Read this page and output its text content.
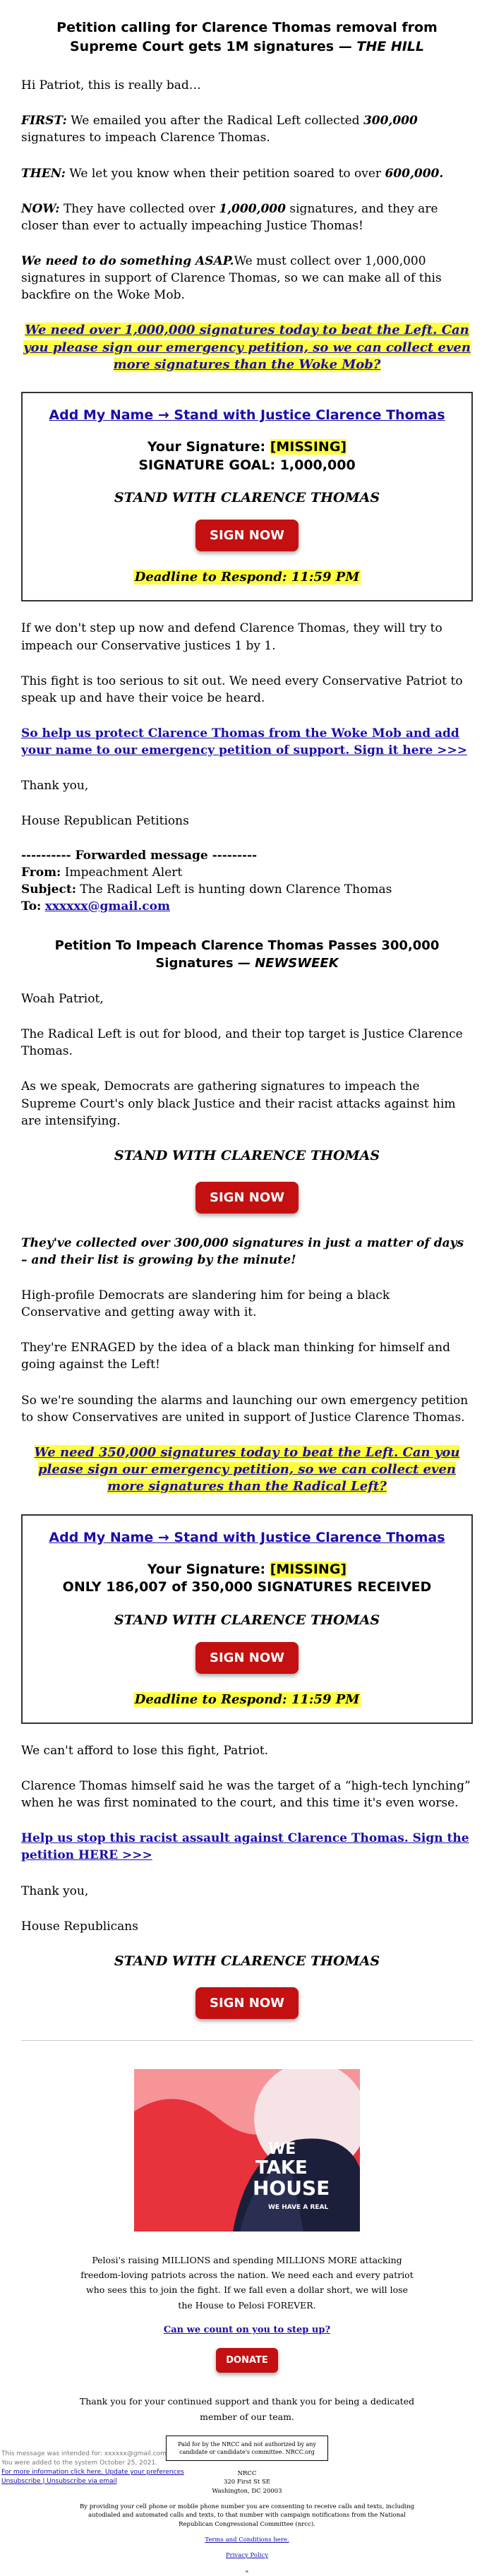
Petition calling for Clarence Thomas removal from Supreme Court gets 1M signatures — THE HILL

Hi Patriot, this is really bad…

FIRST: We emailed you after the Radical Left collected 300,000 signatures to impeach Clarence Thomas.

THEN: We let you know when their petition soared to over 600,000.

NOW: They have collected over 1,000,000 signatures, and they are closer than ever to actually impeaching Justice Thomas!

We need to do something ASAP.We must collect over 1,000,000 signatures in support of Clarence Thomas, so we can make all of this backfire on the Woke Mob.

We need over 1,000,000 signatures today to beat the Left. Can you please sign our emergency petition, so we can collect even more signatures than the Woke Mob?
Add My Name → Stand with Justice Clarence Thomas
Your Signature: [MISSING]
SIGNATURE GOAL: 1,000,000
STAND WITH CLARENCE THOMAS
SIGN NOW
Deadline to Respond: 11:59 PM

If we don't step up now and defend Clarence Thomas, they will try to impeach our Conservative justices 1 by 1.

This fight is too serious to sit out. We need every Conservative Patriot to speak up and have their voice be heard.

So help us protect Clarence Thomas from the Woke Mob and add your name to our emergency petition of support. Sign it here >>>

Thank you,

House Republican Petitions

---------- Forwarded message ---------
From: Impeachment Alert
Subject: The Radical Left is hunting down Clarence Thomas
To: xxxxxx@gmail.com
Petition To Impeach Clarence Thomas Passes 300,000 Signatures — NEWSWEEK

Woah Patriot,

The Radical Left is out for blood, and their top target is Justice Clarence Thomas.

As we speak, Democrats are gathering signatures to impeach the Supreme Court's only black Justice and their racist attacks against him are intensifying.

STAND WITH CLARENCE THOMAS
SIGN NOW

They've collected over 300,000 signatures in just a matter of days – and their list is growing by the minute!

High-profile Democrats are slandering him for being a black Conservative and getting away with it.

They're ENRAGED by the idea of a black man thinking for himself and going against the Left!

So we're sounding the alarms and launching our own emergency petition to show Conservatives are united in support of Justice Clarence Thomas.

We need 350,000 signatures today to beat the Left. Can you please sign our emergency petition, so we can collect even more signatures than the Radical Left?
Add My Name → Stand with Justice Clarence Thomas
Your Signature: [MISSING]
ONLY 186,007 of 350,000 SIGNATURES RECEIVED
STAND WITH CLARENCE THOMAS
SIGN NOW
Deadline to Respond: 11:59 PM

We can't afford to lose this fight, Patriot.

Clarence Thomas himself said he was the target of a “high-tech lynching” when he was first nominated to the court, and this time it's even worse.

Help us stop this racist assault against Clarence Thomas. Sign the petition HERE >>>

Thank you,

House Republicans

STAND WITH CLARENCE THOMAS
SIGN NOW
WE
TAKE
HOUSE
WE HAVE A REAL

Pelosi's raising MILLIONS and spending MILLIONS MORE attacking freedom-loving patriots across the nation. We need each and every patriot who sees this to join the fight. If we fall even a dollar short, we will lose the House to Pelosi FOREVER.

Can we count on you to step up?

DONATE

Thank you for your continued support and thank you for being a dedicated member of our team.

Paid for by the NRCC and not authorized by any candidate or candidate's committee. NRCC.org
NRCC
320 First St SE
Washington, DC 20003
By providing your cell phone or mobile phone number you are consenting to receive calls and texts, including autodialed and automated calls and texts, to that number with campaign notifications from the National Republican Congressional Committee (nrcc).
Terms and Conditions here.
Privacy Policy
«
This message was intended for: xxxxxx@gmail.com
You were added to the system October 25, 2021.
For more information click here. Update your preferences
Unsubscribe | Unsubscribe via email
